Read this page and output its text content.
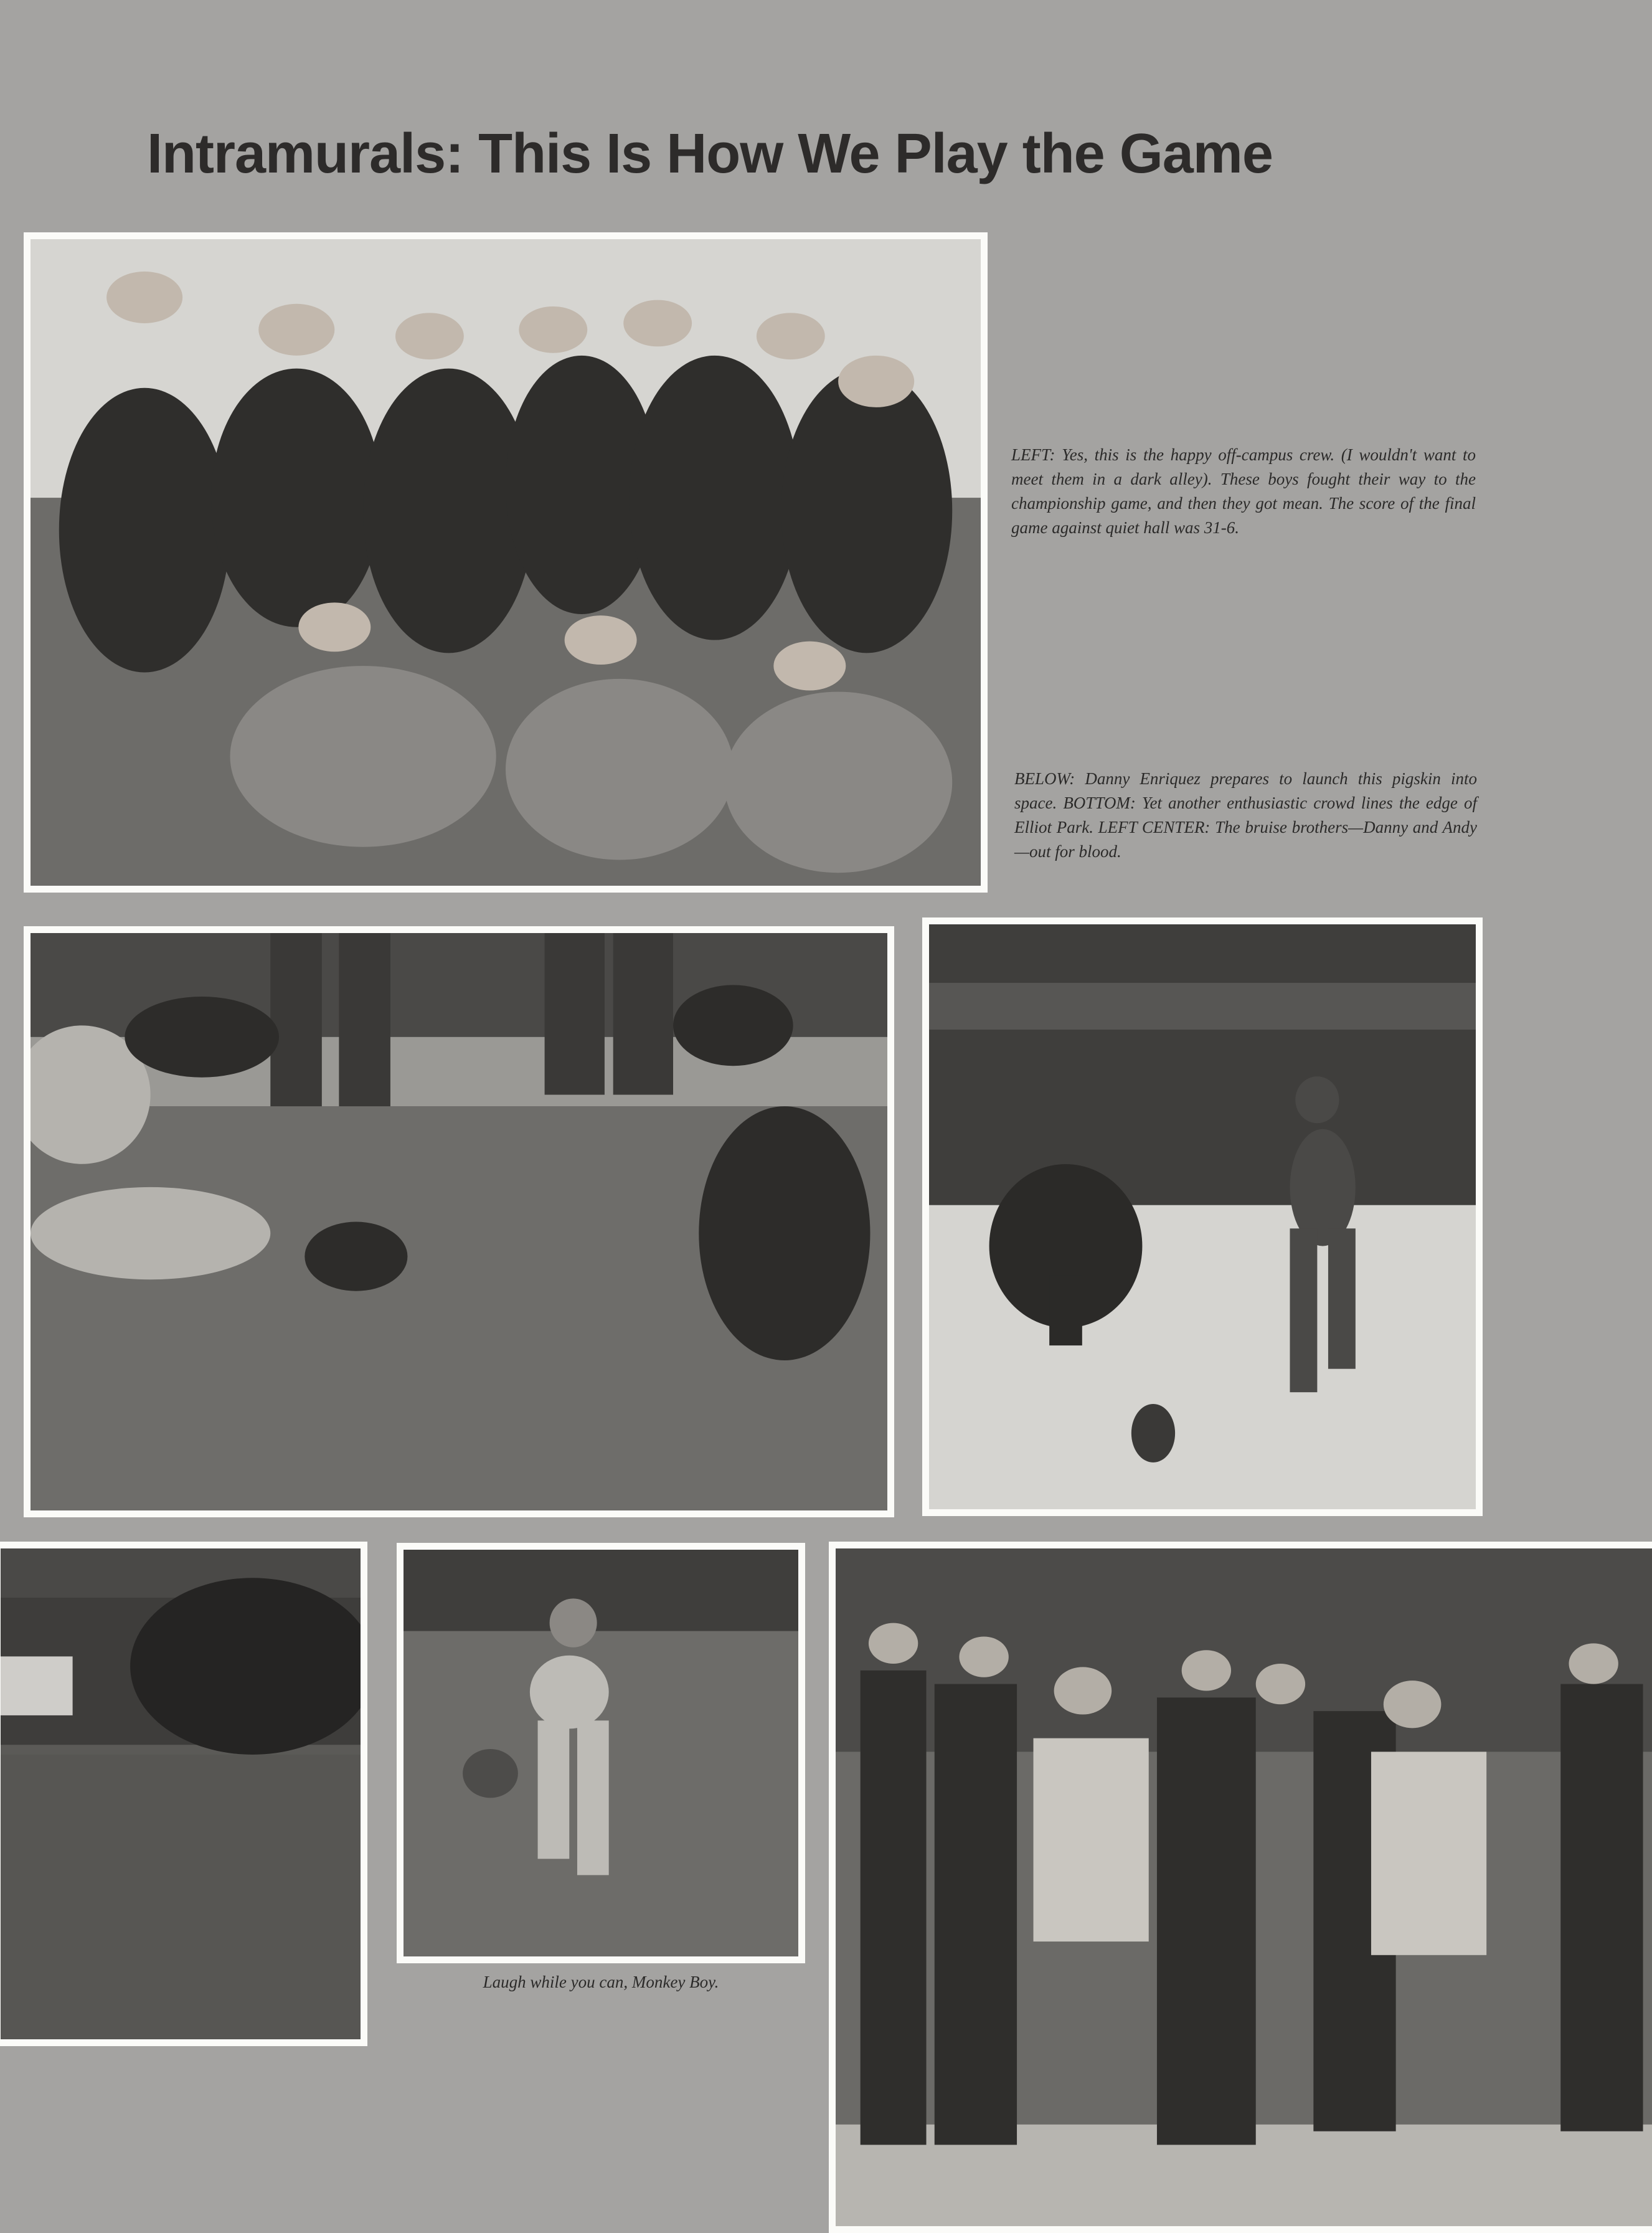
Intramurals: This Is How We Play the Game
LEFT: Yes, this is the happy off-campus crew. (I wouldn't want to meet them in a dark alley). These boys fought their way to the championship game, and then they got mean. The score of the final game against quiet hall was 31-6.
BELOW: Danny Enriquez prepares to launch this pigskin into space. BOTTOM: Yet another enthusiastic crowd lines the edge of Elliot Park. LEFT CENTER: The bruise brothers—Danny and Andy—out for blood.
Laugh while you can, Monkey Boy.
